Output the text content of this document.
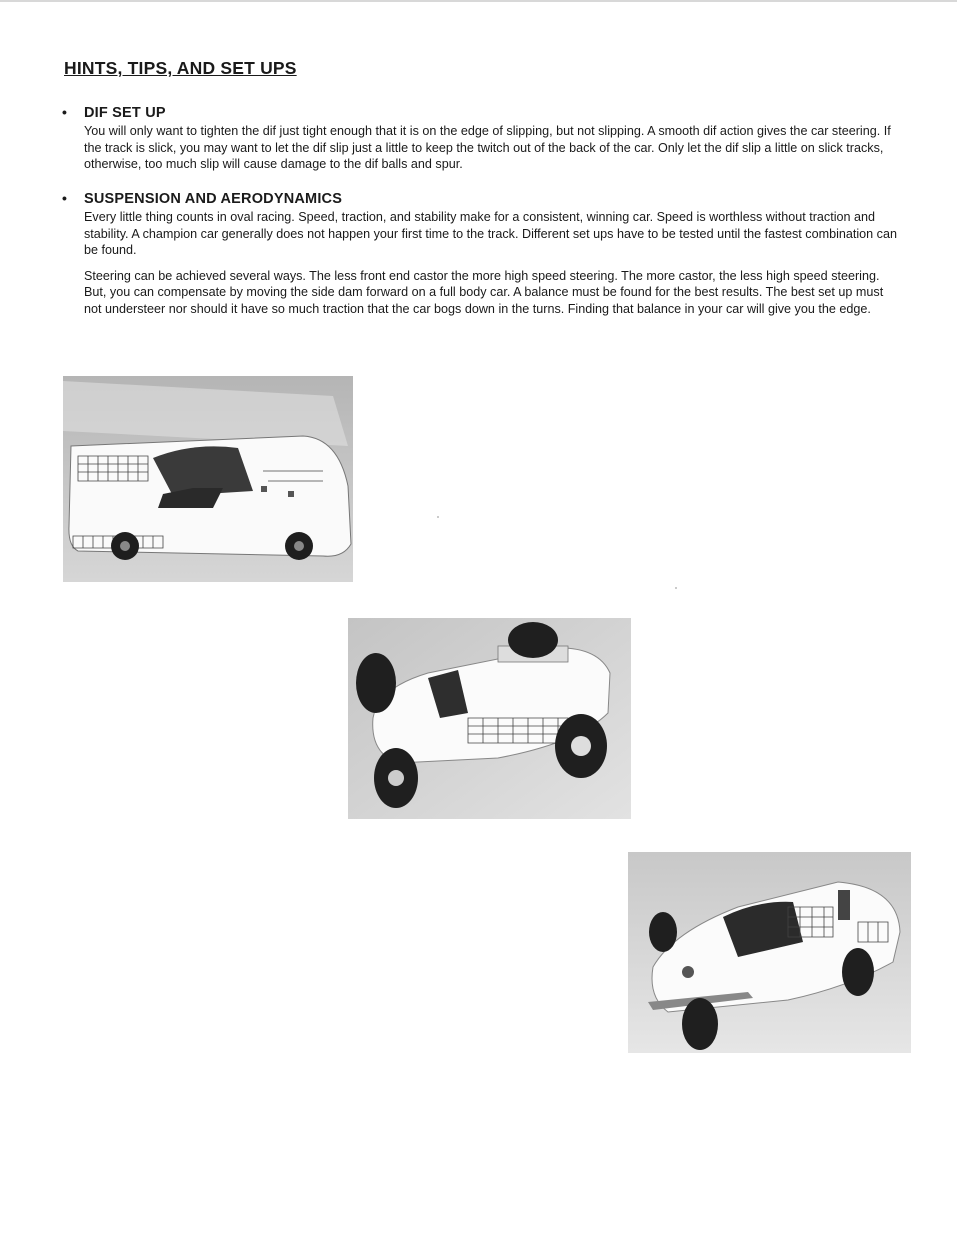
HINTS, TIPS, AND SET UPS
•	DIF SET UP

You will only want to tighten the dif just tight enough that it is on the edge of slipping, but not slipping. A smooth dif action gives the car steering. If the track is slick, you may want to let the dif slip just a little to keep the twitch out of the back of the car. Only let the dif slip a little on slick tracks, otherwise, too much slip will cause damage to the dif balls and spur.

•	SUSPENSION AND AERODYNAMICS

Every little thing counts in oval racing. Speed, traction, and stability make for a consistent, winning car. Speed is worthless without traction and stability. A champion car generally does not happen your first time to the track. Different set ups have to be tested until the fastest combination can be found.

Steering can be achieved several ways. The less front end castor the more high speed steering. The more castor, the less high speed steering. But, you can compensate by moving the side dam forward on a full body car. A balance must be found for the best results. The best set up must not understeer nor should it have so much traction that the car bogs down in the turns. Finding that balance in your car will give you the edge.
